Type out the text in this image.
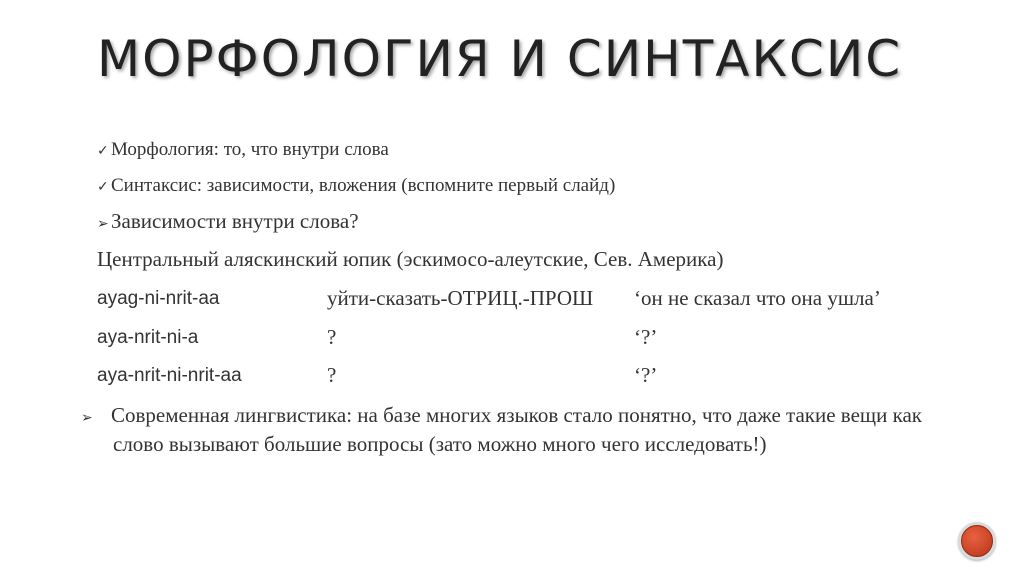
МОРФОЛОГИЯ И СИНТАКСИС
✓ Морфология: то, что внутри слова
✓ Синтаксис: зависимости, вложения (вспомните первый слайд)
➢ Зависимости внутри слова?
Центральный аляскинский юпик (эскимосо-алеутские, Сев. Америка)
ayag-ni-nrit-aa	уйти-сказать-ОТРИЦ.-ПРОШ ‘он не сказал что она ушла’
aya-nrit-ni-a	?	‘?’
aya-nrit-ni-nrit-aa	?	‘?’
➢ Современная лингвистика: на базе многих языков стало понятно, что даже такие вещи как слово вызывают большие вопросы (зато можно много чего исследовать!)
